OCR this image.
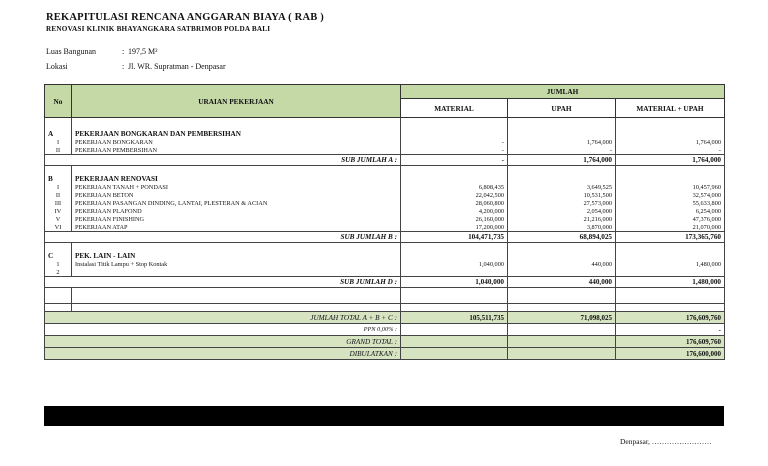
REKAPITULASI RENCANA ANGGARAN BIAYA ( RAB )
RENOVASI KLINIK BHAYANGKARA SATBRIMOB POLDA BALI
Luas Bangunan	: 197,5 M²
Lokasi	: Jl. WR. Supratman - Denpasar
No	URAIAN PEKERJAAN	JUMLAH		
		MATERIAL	UPAH	MATERIAL + UPAH

A	PEKERJAAN BONGKARAN DAN PEMBERSIHAN			
I	PEKERJAAN BONGKARAN	-	1,764,000	1,764,000
II	PEKERJAAN PEMBERSIHAN	-	-	-
	SUB JUMLAH A :	-	1,764,000	1,764,000

B	PEKERJAAN RENOVASI			
I	PEKERJAAN TANAH + PONDASI	6,808,435	3,649,525	10,457,960
II	PEKERJAAN BETON	22,042,500	10,531,500	32,574,000
III	PEKERJAAN PASANGAN DINDING, LANTAI, PLESTERAN & ACIAN	28,060,800	27,573,000	55,633,800
IV	PEKERJAAN PLAFOND	4,200,000	2,054,000	6,254,000
V	PEKERJAAN FINISHING	26,160,000	21,216,000	47,376,000
VI	PEKERJAAN ATAP	17,200,000	3,870,000	21,070,000
	SUB JUMLAH B :	104,471,735	68,894,025	173,365,760

C	PEK. LAIN - LAIN			
1	Instalasi Titik Lampu + Stop Kontak	1,040,000	440,000	1,480,000
2				
	SUB JUMLAH D :	1,040,000	440,000	1,480,000

JUMLAH TOTAL A + B + C :		105,511,735	71,098,025	176,609,760
PPN 0,00% :				-
GRAND TOTAL :				176,609,760
DIBULATKAN :				176,600,000
Denpasar, ……………………
